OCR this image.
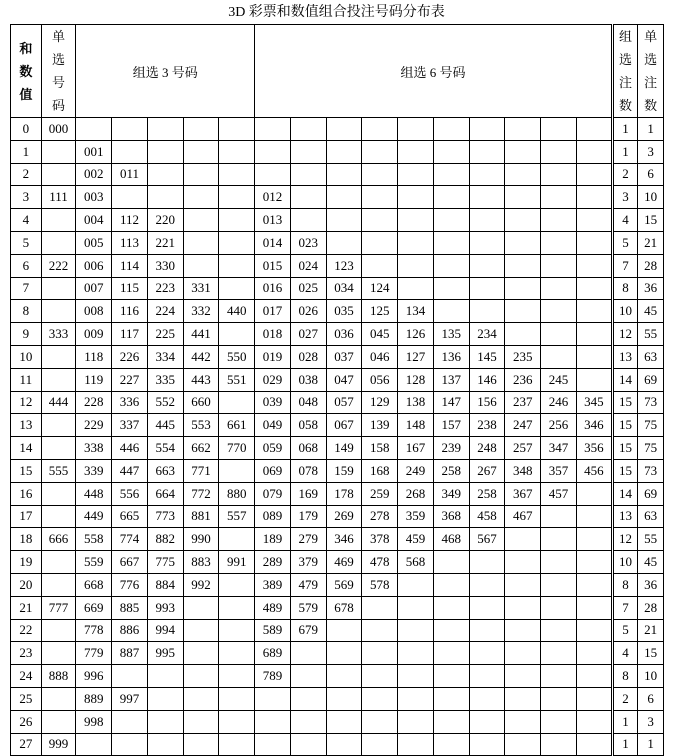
3D 彩票和数值组合投注号码分布表
和数值	单选号码	组选 3 号码					组选 6 号码										组选注数	单选注数
0	000																1	1
1		001															1	3
2		002	011														2	6
3	111	003					012										3	10
4		004	112	220			013										4	15
5		005	113	221			014	023									5	21
6	222	006	114	330			015	024	123								7	28
7		007	115	223	331		016	025	034	124							8	36
8		008	116	224	332	440	017	026	035	125	134						10	45
9	333	009	117	225	441		018	027	036	045	126	135	234				12	55
10		118	226	334	442	550	019	028	037	046	127	136	145	235			13	63
11		119	227	335	443	551	029	038	047	056	128	137	146	236	245		14	69
12	444	228	336	552	660		039	048	057	129	138	147	156	237	246	345	15	73
13		229	337	445	553	661	049	058	067	139	148	157	238	247	256	346	15	75
14		338	446	554	662	770	059	068	149	158	167	239	248	257	347	356	15	75
15	555	339	447	663	771		069	078	159	168	249	258	267	348	357	456	15	73
16		448	556	664	772	880	079	169	178	259	268	349	258	367	457		14	69
17		449	665	773	881	557	089	179	269	278	359	368	458	467			13	63
18	666	558	774	882	990		189	279	346	378	459	468	567				12	55
19		559	667	775	883	991	289	379	469	478	568						10	45
20		668	776	884	992		389	479	569	578							8	36
21	777	669	885	993			489	579	678								7	28
22		778	886	994			589	679									5	21
23		779	887	995			689										4	15
24	888	996					789										8	10
25		889	997														2	6
26		998															1	3
27	999																1	1
